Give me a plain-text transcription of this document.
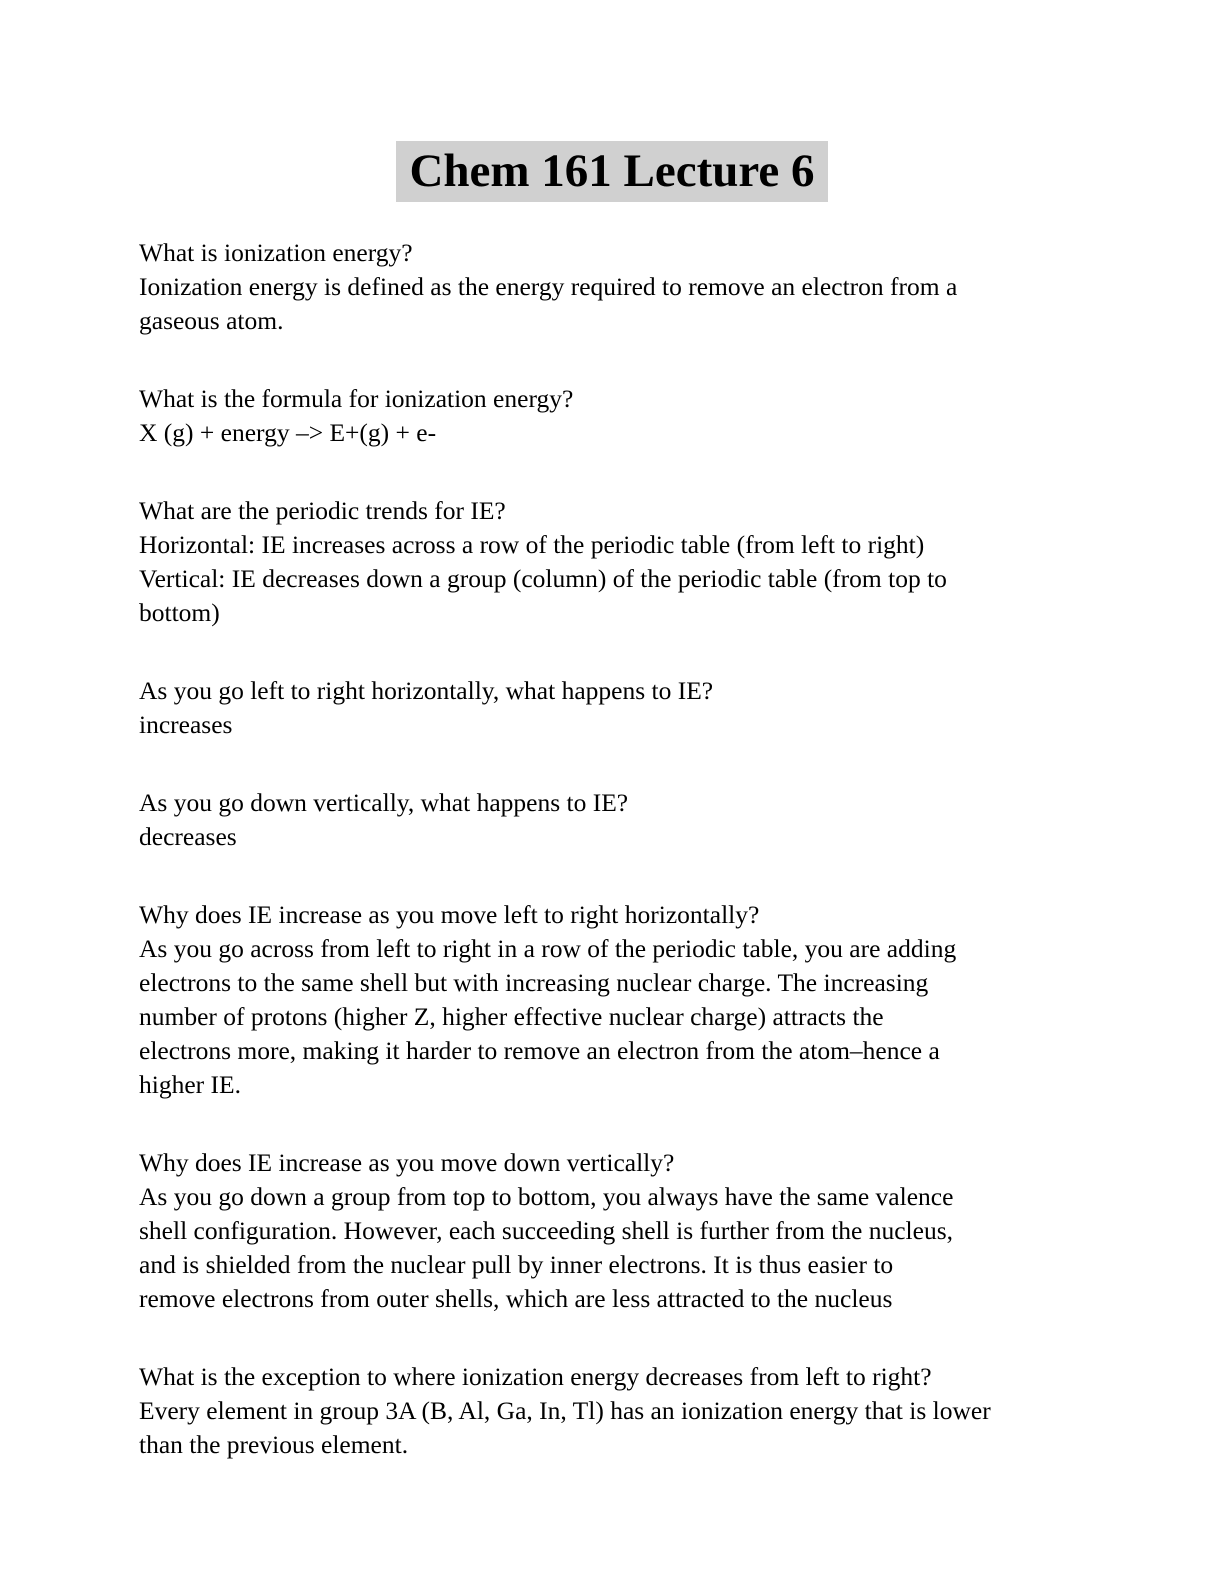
Chem 161 Lecture 6
What is ionization energy?
Ionization energy is defined as the energy required to remove an electron from a
gaseous atom.
What is the formula for ionization energy?
X (g) + energy –> E+(g) + e-
What are the periodic trends for IE?
Horizontal: IE increases across a row of the periodic table (from left to right)
Vertical: IE decreases down a group (column) of the periodic table (from top to
bottom)
As you go left to right horizontally, what happens to IE?
increases
As you go down vertically, what happens to IE?
decreases
Why does IE increase as you move left to right horizontally?
As you go across from left to right in a row of the periodic table, you are adding
electrons to the same shell but with increasing nuclear charge. The increasing
number of protons (higher Z, higher effective nuclear charge) attracts the
electrons more, making it harder to remove an electron from the atom–hence a
higher IE.
Why does IE increase as you move down vertically?
As you go down a group from top to bottom, you always have the same valence
shell configuration. However, each succeeding shell is further from the nucleus,
and is shielded from the nuclear pull by inner electrons. It is thus easier to
remove electrons from outer shells, which are less attracted to the nucleus
What is the exception to where ionization energy decreases from left to right?
Every element in group 3A (B, Al, Ga, In, Tl) has an ionization energy that is lower
than the previous element.
